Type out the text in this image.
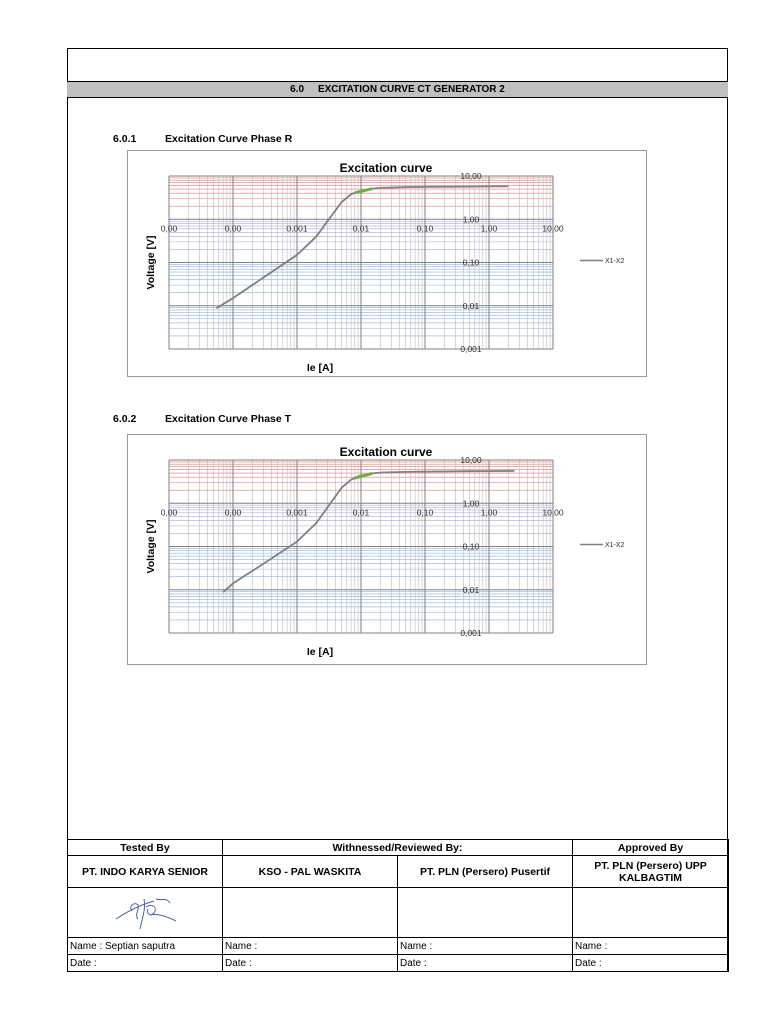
6.0 EXCITATION CURVE CT GENERATOR 2
6.0.1	Excitation Curve Phase R
0,00	0,00	0,001	0,01	0,10	1,00	10,00
10,00
1,00
0,10
0,01
0,001
Excitation curve
Ie [A]
Voltage [V]	X1-X2
6.0.2	Excitation Curve Phase T
0,00	0,00	0,001	0,01	0,10	1,00	10,00
10,00
1,00
0,10
0,01
0,001
Excitation curve
Ie [A]
Voltage [V]	X1-X2
Tested By	Withnessed/Reviewed By:		Approved By
PT. INDO KARYA SENIOR	KSO - PAL WASKITA	PT. PLN (Persero) Pusertif	PT. PLN (Persero) UPP KALBAGTIM

Name : Septian saputra	Name :	Name :	Name :
Date :	Date :	Date :	Date :
